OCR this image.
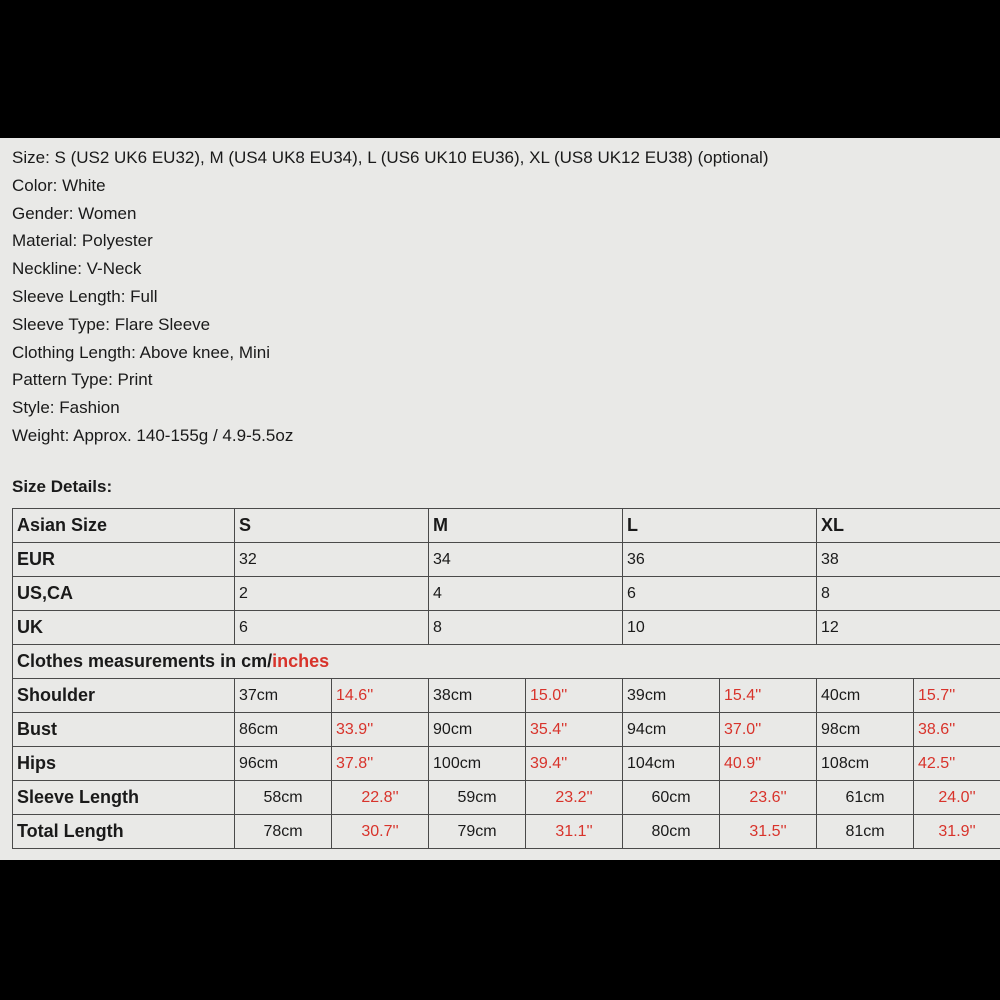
Size: S (US2 UK6 EU32), M (US4 UK8 EU34), L (US6 UK10 EU36), XL (US8 UK12 EU38) (optional)
Color: White
Gender: Women
Material: Polyester
Neckline: V-Neck
Sleeve Length: Full
Sleeve Type: Flare Sleeve
Clothing Length: Above knee, Mini
Pattern Type: Print
Style: Fashion
Weight: Approx. 140-155g / 4.9-5.5oz
Size Details:
Asian Size	S		M		L		XL	
EUR	32		34		36		38	
US,CA	2		4		6		8	
UK	6		8		10		12	
Clothes measurements in cm/inches								
Shoulder	37cm	14.6''	38cm	15.0''	39cm	15.4''	40cm	15.7''
Bust	86cm	33.9''	90cm	35.4''	94cm	37.0''	98cm	38.6''
Hips	96cm	37.8''	100cm	39.4''	104cm	40.9''	108cm	42.5''
Sleeve Length	58cm	22.8''	59cm	23.2''	60cm	23.6''	61cm	24.0''
Total Length	78cm	30.7''	79cm	31.1''	80cm	31.5''	81cm	31.9''
